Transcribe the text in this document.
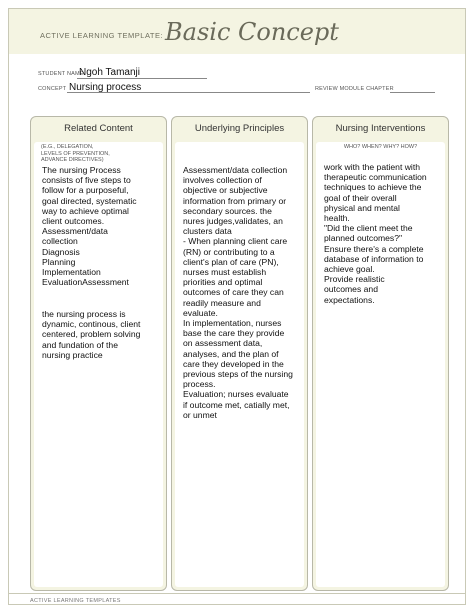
ACTIVE LEARNING TEMPLATE: Basic Concept
STUDENT NAME
Ngoh Tamanji
CONCEPT Nursing process	REVIEW MODULE CHAPTER
Related Content
(E.G., DELEGATION,
LEVELS OF PREVENTION,
ADVANCE DIRECTIVES)

The nursing Process
consists of five steps to
follow for a purposeful,
goal directed, systematic
way to achieve optimal
client outcomes.
Assessment/data
collection
Diagnosis
Planning
Implementation
EvaluationAssessment

the nursing process is
dynamic, continous, client
centered, problem solving
and fundation of the
nursing practice

Underlying Principles

Assessment/data collection
involves collection of
objective or subjective
information from primary or
secondary sources. the
nures judges,validates, an
clusters data
- When planning client care
(RN) or contributing to a
client's plan of care (PN),
nurses must establish
priorities and optimal
outcomes of care they can
readily measure and
evaluate.
In implementation, nurses
base the care they provide
on assessment data,
analyses, and the plan of
care they developed in the
previous steps of the nursing
process.
Evaluation; nurses evaluate
if outcome met, catially met,
or unmet

Nursing Interventions
WHO? WHEN? WHY? HOW?

work with the patient with
therapeutic communication
techniques to achieve the
goal of their overall
physical and mental
health.
"Did the client meet the
planned outcomes?"
Ensure there's a complete
database of information to
achieve goal.
Provide realistic
outcomes and
expectations.

ACTIVE LEARNING TEMPLATES
